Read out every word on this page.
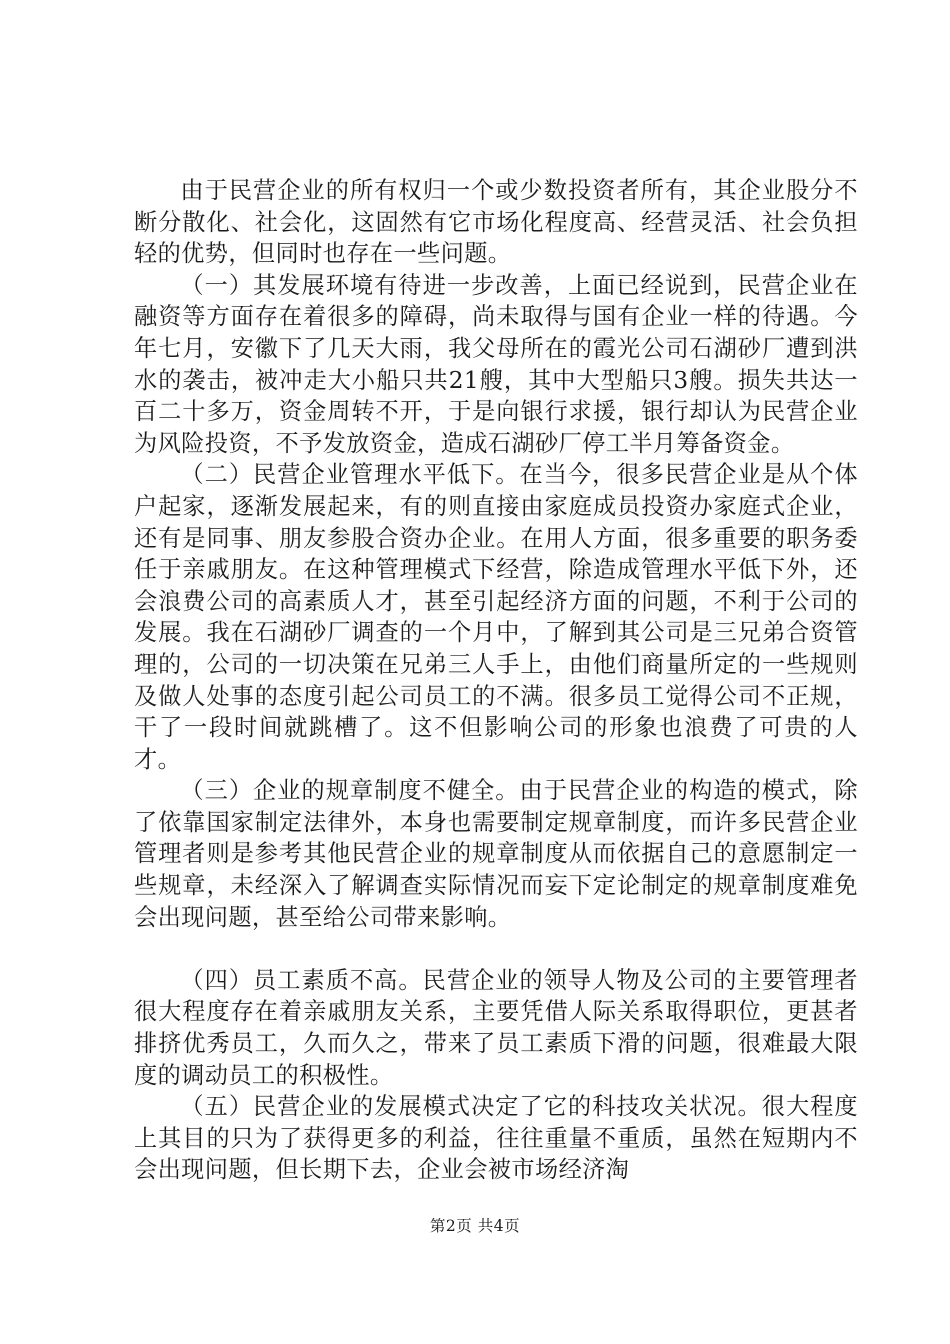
由于民营企业的所有权归一个或少数投资者所有，其企业股分不断分散化、社会化，这固然有它市场化程度高、经营灵活、社会负担轻的优势，但同时也存在一些问题。

（一）其发展环境有待进一步改善，上面已经说到，民营企业在融资等方面存在着很多的障碍，尚未取得与国有企业一样的待遇。今年七月，安徽下了几天大雨，我父母所在的霞光公司石湖砂厂遭到洪水的袭击，被冲走大小船只共21艘，其中大型船只3艘。损失共达一百二十多万，资金周转不开，于是向银行求援，银行却认为民营企业为风险投资，不予发放资金，造成石湖砂厂停工半月筹备资金。

（二）民营企业管理水平低下。在当今，很多民营企业是从个体户起家，逐渐发展起来，有的则直接由家庭成员投资办家庭式企业，还有是同事、朋友参股合资办企业。在用人方面，很多重要的职务委任于亲戚朋友。在这种管理模式下经营，除造成管理水平低下外，还会浪费公司的高素质人才，甚至引起经济方面的问题，不利于公司的发展。我在石湖砂厂调查的一个月中，了解到其公司是三兄弟合资管理的，公司的一切决策在兄弟三人手上，由他们商量所定的一些规则及做人处事的态度引起公司员工的不满。很多员工觉得公司不正规，干了一段时间就跳槽了。这不但影响公司的形象也浪费了可贵的人才。

（三）企业的规章制度不健全。由于民营企业的构造的模式，除了依靠国家制定法律外，本身也需要制定规章制度，而许多民营企业管理者则是参考其他民营企业的规章制度从而依据自己的意愿制定一些规章，未经深入了解调查实际情况而妄下定论制定的规章制度难免会出现问题，甚至给公司带来影响。

（四）员工素质不高。民营企业的领导人物及公司的主要管理者很大程度存在着亲戚朋友关系，主要凭借人际关系取得职位，更甚者排挤优秀员工，久而久之，带来了员工素质下滑的问题，很难最大限度的调动员工的积极性。

（五）民营企业的发展模式决定了它的科技攻关状况。很大程度上其目的只为了获得更多的利益，往往重量不重质，虽然在短期内不会出现问题，但长期下去，企业会被市场经济淘

第2页 共4页
